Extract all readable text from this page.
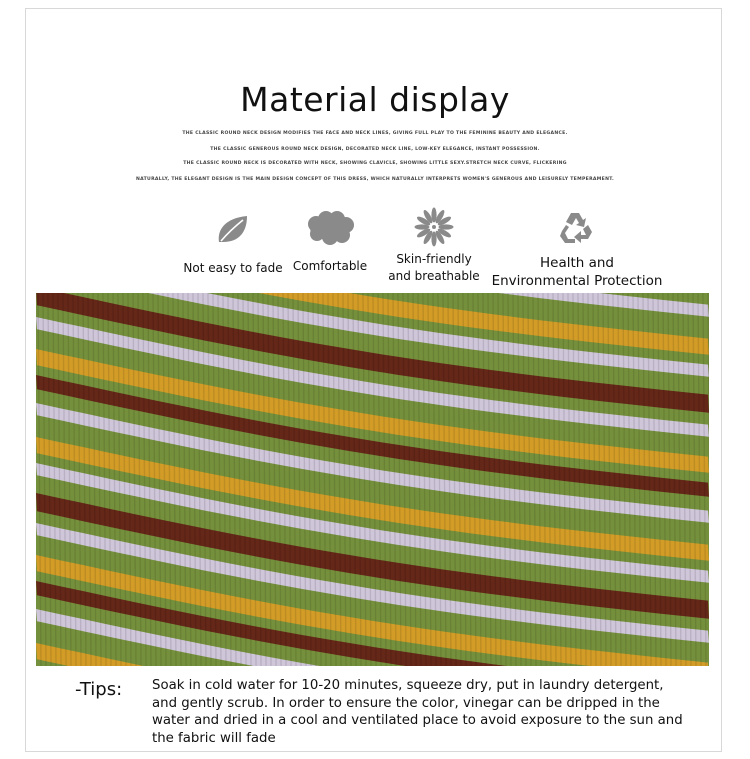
Material display
THE CLASSIC ROUND NECK DESIGN MODIFIES THE FACE AND NECK LINES, GIVING FULL PLAY TO THE FEMININE BEAUTY AND ELEGANCE.
THE CLASSIC GENEROUS ROUND NECK DESIGN, DECORATED NECK LINE, LOW-KEY ELEGANCE, INSTANT POSSESSION.
THE CLASSIC ROUND NECK IS DECORATED WITH NECK, SHOWING CLAVICLE, SHOWING LITTLE SEXY.STRETCH NECK CURVE, FLICKERING
NATURALLY, THE ELEGANT DESIGN IS THE MAIN DESIGN CONCEPT OF THIS DRESS, WHICH NATURALLY INTERPRETS WOMEN'S GENEROUS AND LEISURELY TEMPERAMENT.
Not easy to fade Comfortable	Skin-friendly
and breathable
Health and
Environmental Protection
-Tips: Soak in cold water for 10-20 minutes, squeeze dry, put in laundry detergent, and gently scrub. In order to ensure the color, vinegar can be dripped in the water and dried in a cool and ventilated place to avoid exposure to the sun and the fabric will fade
